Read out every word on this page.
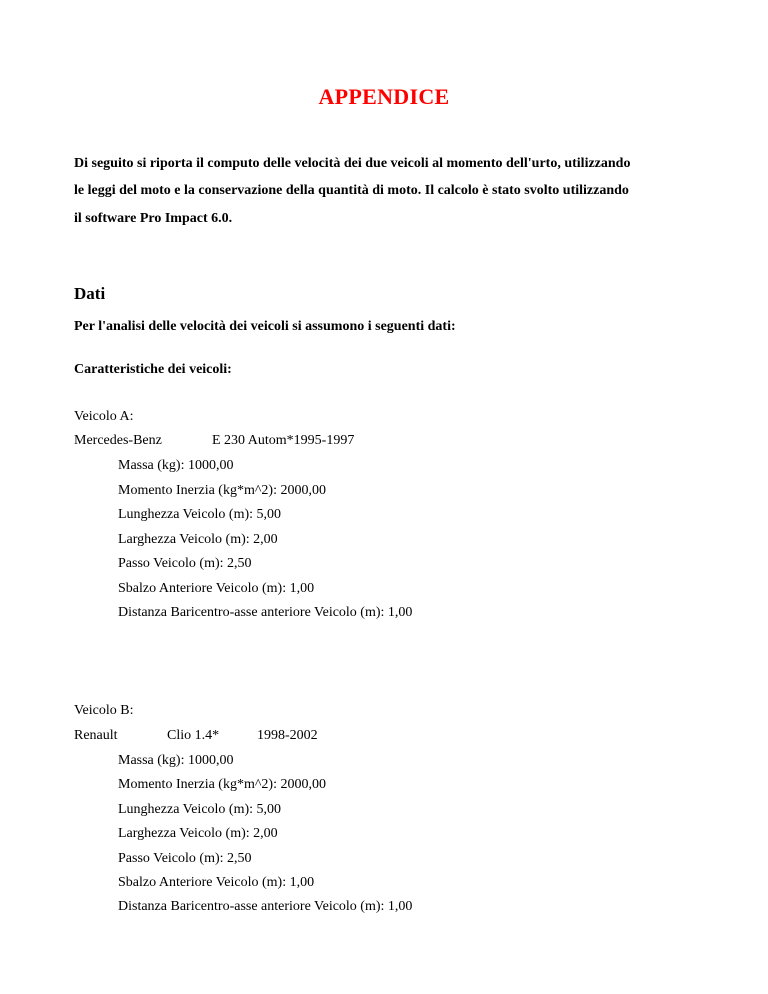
APPENDICE

Di seguito si riporta il computo delle velocità dei due veicoli al momento dell'urto, utilizzando

le leggi del moto e la conservazione della quantità di moto. Il calcolo è stato svolto utilizzando

il software Pro Impact 6.0.

Dati
Per l'analisi delle velocità dei veicoli si assumono i seguenti dati:
Caratteristiche dei veicoli:
Veicolo A:
Mercedes-Benz	E 230 Autom*1995-1997
Massa (kg): 1000,00
Momento Inerzia (kg*m^2): 2000,00
Lunghezza Veicolo (m): 5,00
Larghezza Veicolo (m): 2,00
Passo Veicolo (m): 2,50
Sbalzo Anteriore Veicolo (m): 1,00
Distanza Baricentro-asse anteriore Veicolo (m): 1,00
Veicolo B:
Renault	Clio 1.4*	1998-2002
Massa (kg): 1000,00
Momento Inerzia (kg*m^2): 2000,00
Lunghezza Veicolo (m): 5,00
Larghezza Veicolo (m): 2,00
Passo Veicolo (m): 2,50
Sbalzo Anteriore Veicolo (m): 1,00
Distanza Baricentro-asse anteriore Veicolo (m): 1,00
